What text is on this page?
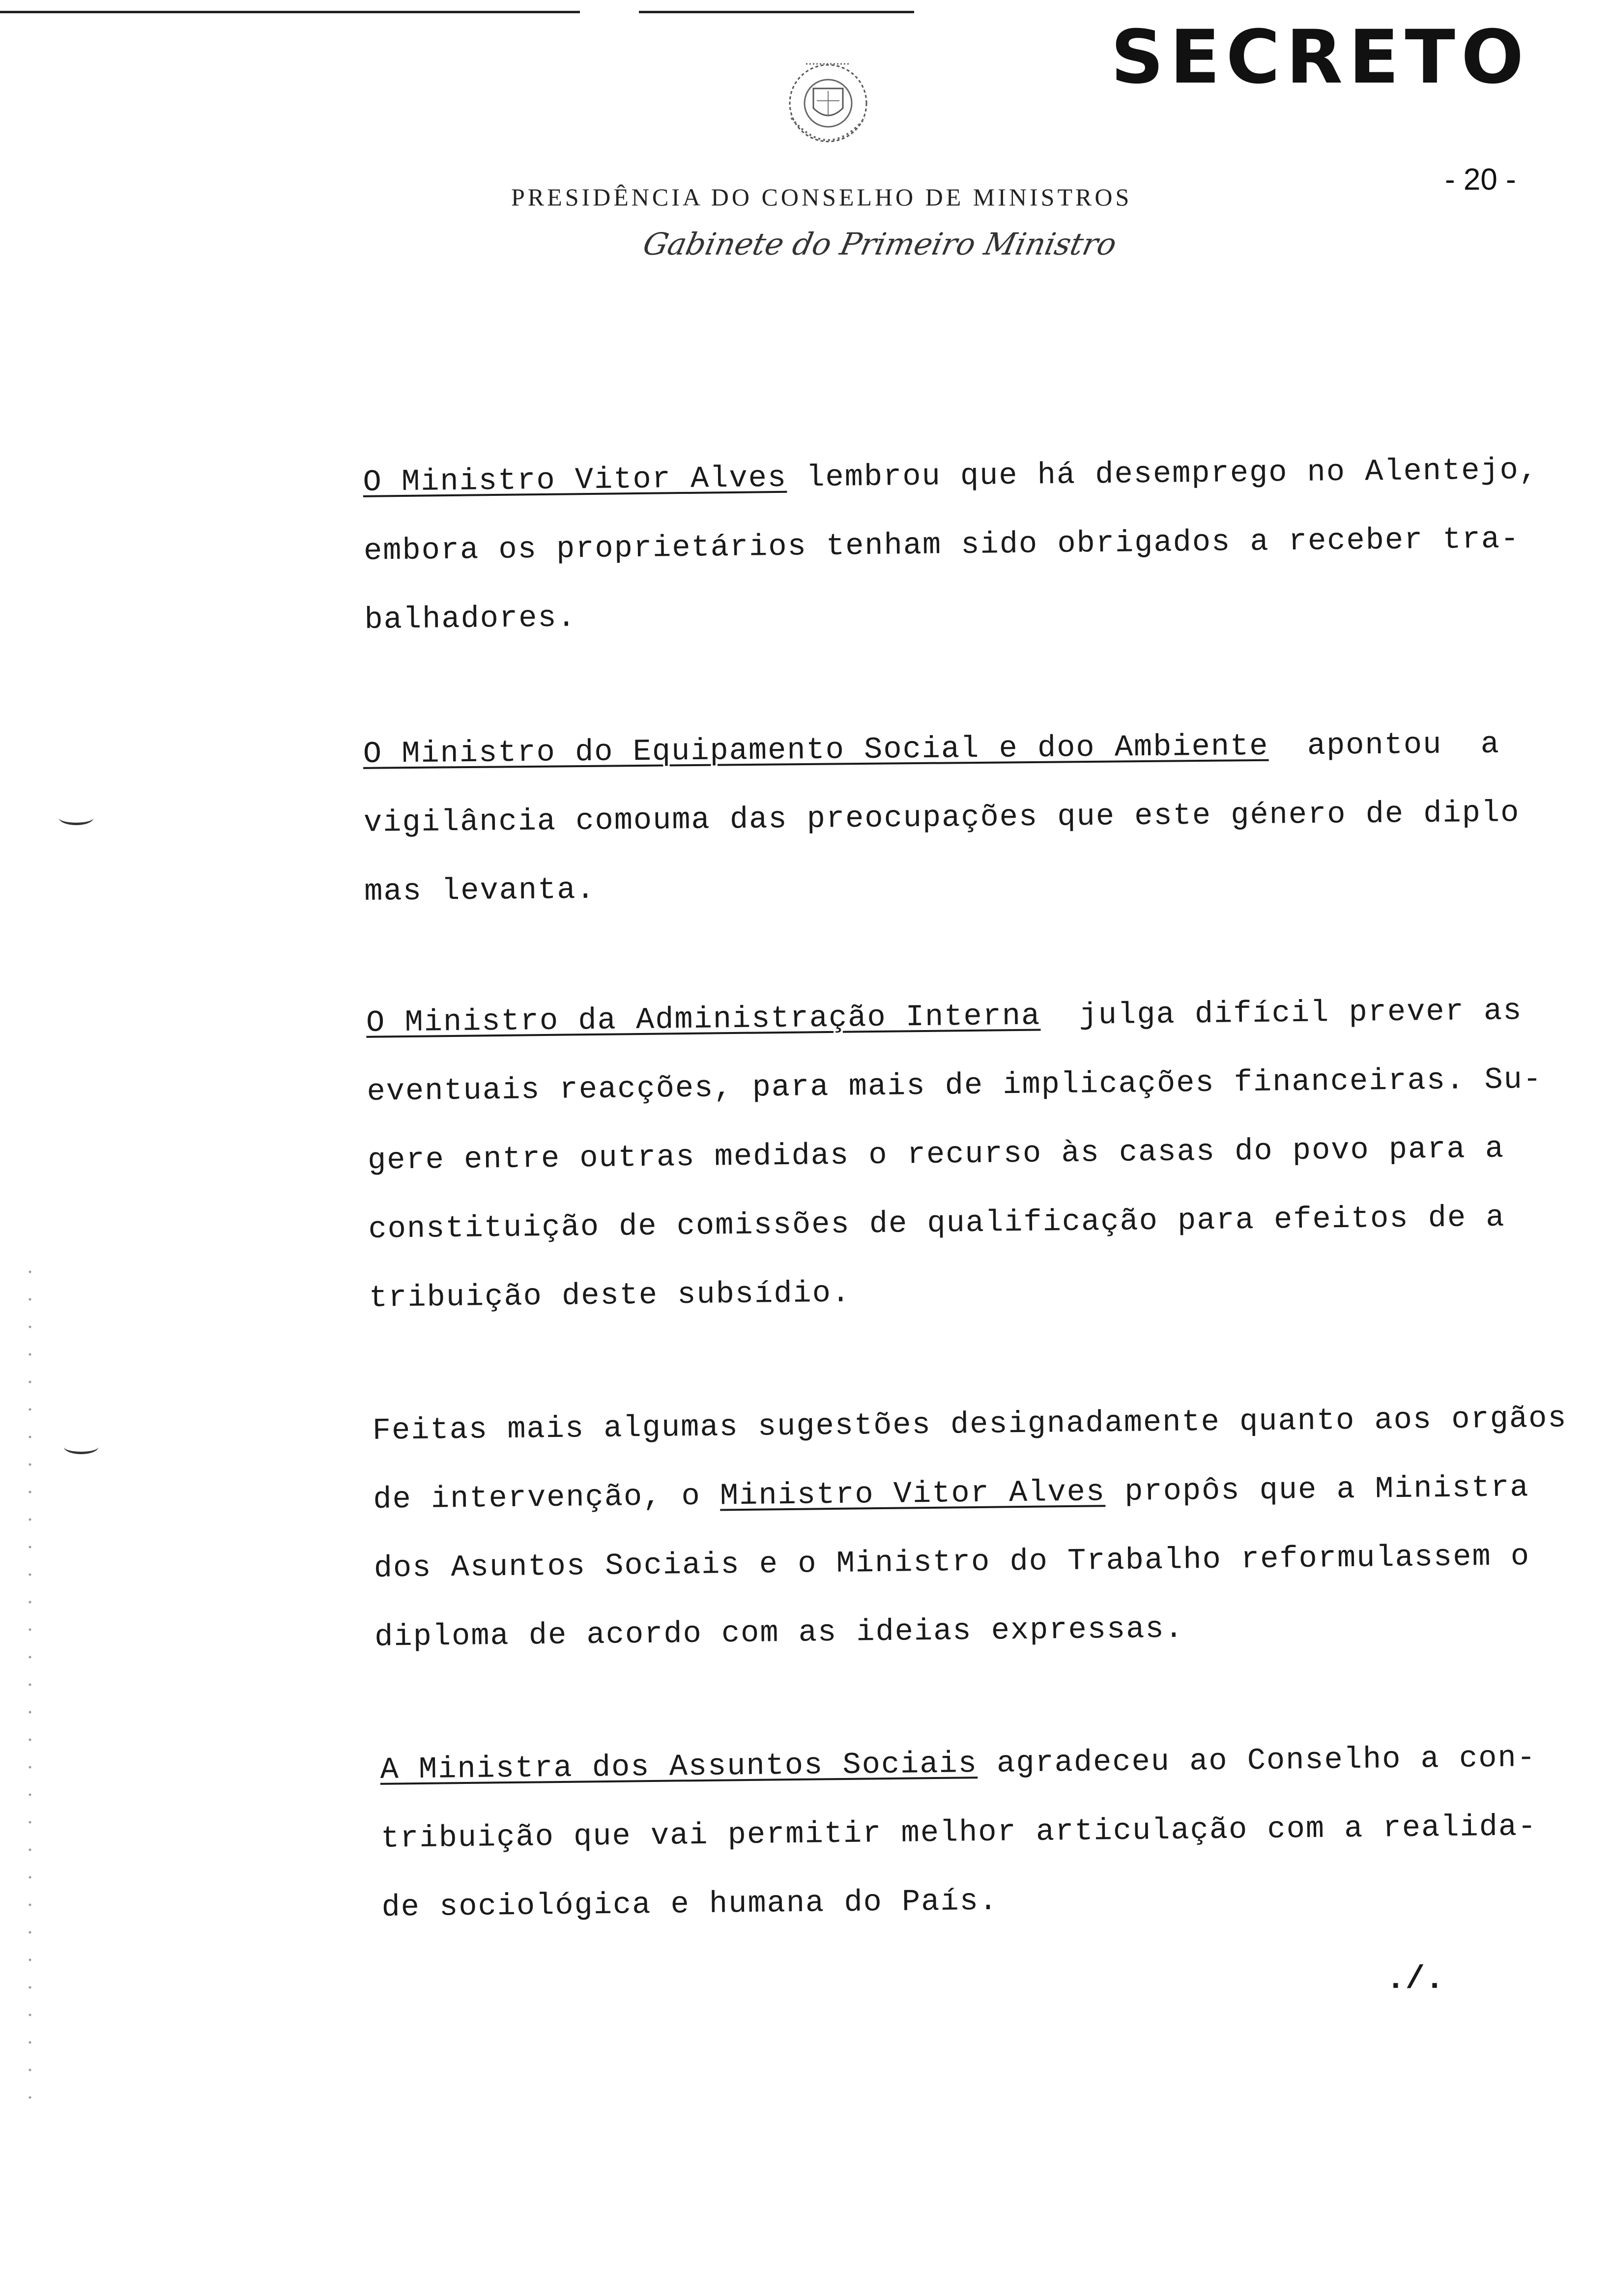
SECRETO
- 20 -
PRESIDÊNCIA DO CONSELHO DE MINISTROS
Gabinete do Primeiro Ministro
O Ministro Vitor Alves lembrou que há desemprego no Alentejo,
embora os proprietários tenham sido obrigados a receber tra-
balhadores.
O Ministro do Equipamento Social e doo Ambiente  apontou  a
vigilância comouma das preocupações que este género de diplo
mas levanta.
O Ministro da Administração Interna  julga difícil prever as
eventuais reacções, para mais de implicações financeiras. Su-
gere entre outras medidas o recurso às casas do povo para a
constituição de comissões de qualificação para efeitos de a
tribuição deste subsídio.
Feitas mais algumas sugestões designadamente quanto aos orgãos
de intervenção, o Ministro Vitor Alves propôs que a Ministra
dos Asuntos Sociais e o Ministro do Trabalho reformulassem o
diploma de acordo com as ideias expressas.
A Ministra dos Assuntos Sociais agradeceu ao Conselho a con-
tribuição que vai permitir melhor articulação com a realida-
de sociológica e humana do País.
./.
